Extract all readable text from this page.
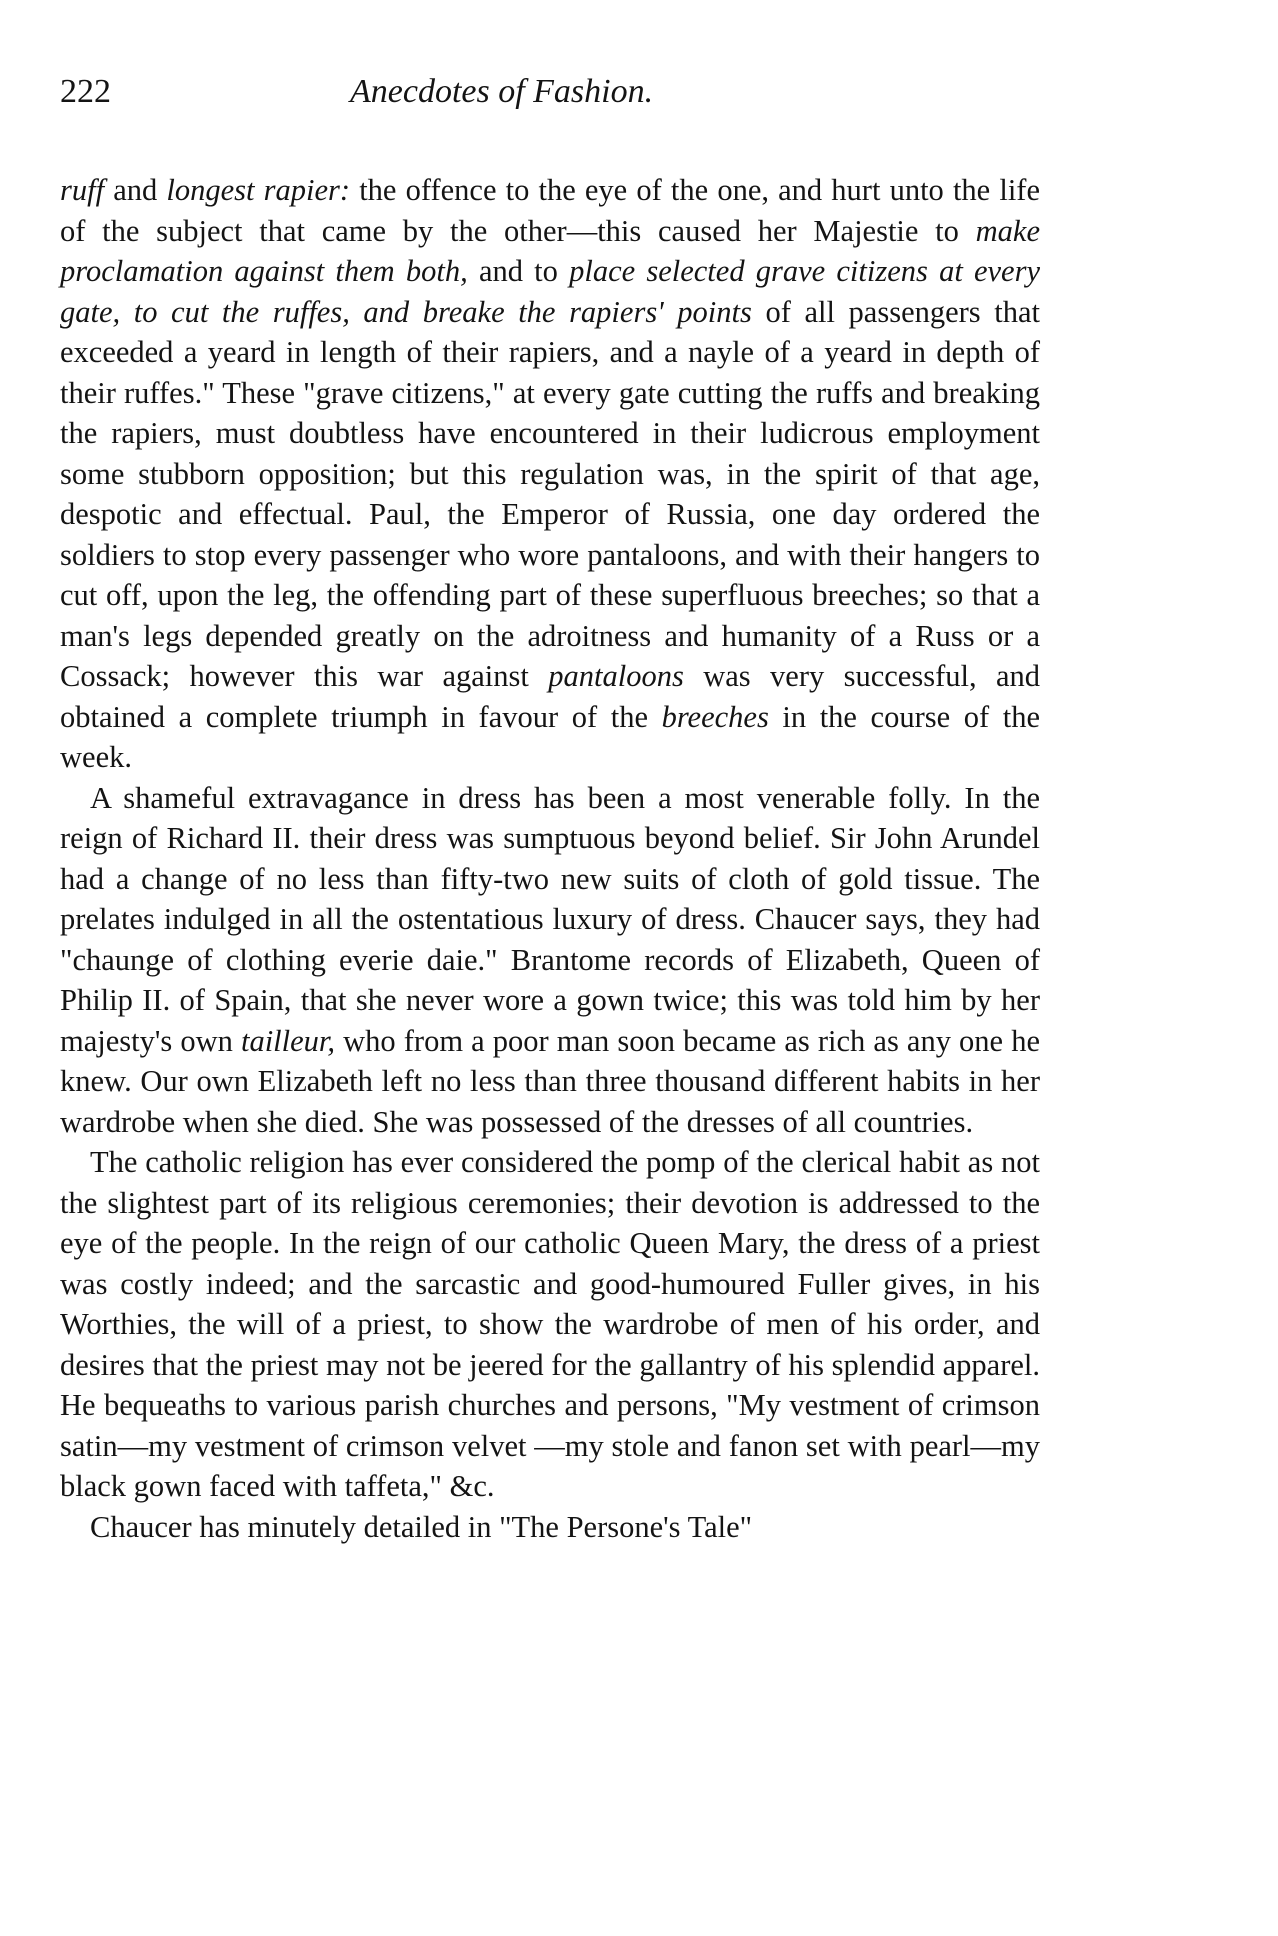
222	Anecdotes of Fashion.

ruff and longest rapier: the offence to the eye of the one, and hurt unto the life of the subject that came by the other—this caused her Majestie to make proclamation against them both, and to place selected grave citizens at every gate, to cut the ruffes, and breake the rapiers' points of all passengers that exceeded a yeard in length of their rapiers, and a nayle of a yeard in depth of their ruffes." These "grave citizens," at every gate cutting the ruffs and breaking the rapiers, must doubtless have encountered in their ludicrous employment some stubborn opposition; but this regulation was, in the spirit of that age, despotic and effectual. Paul, the Emperor of Russia, one day ordered the soldiers to stop every passenger who wore pantaloons, and with their hangers to cut off, upon the leg, the offending part of these superfluous breeches; so that a man's legs depended greatly on the adroitness and humanity of a Russ or a Cossack; however this war against pantaloons was very successful, and obtained a complete triumph in favour of the breeches in the course of the week.

A shameful extravagance in dress has been a most venerable folly. In the reign of Richard II. their dress was sumptuous beyond belief. Sir John Arundel had a change of no less than fifty-two new suits of cloth of gold tissue. The prelates indulged in all the ostentatious luxury of dress. Chaucer says, they had "chaunge of clothing everie daie." Brantome records of Elizabeth, Queen of Philip II. of Spain, that she never wore a gown twice; this was told him by her majesty's own tailleur, who from a poor man soon became as rich as any one he knew. Our own Elizabeth left no less than three thousand different habits in her wardrobe when she died. She was possessed of the dresses of all countries.

The catholic religion has ever considered the pomp of the clerical habit as not the slightest part of its religious ceremonies; their devotion is addressed to the eye of the people. In the reign of our catholic Queen Mary, the dress of a priest was costly indeed; and the sarcastic and good-humoured Fuller gives, in his Worthies, the will of a priest, to show the wardrobe of men of his order, and desires that the priest may not be jeered for the gallantry of his splendid apparel. He bequeaths to various parish churches and persons, "My vestment of crimson satin—my vestment of crimson velvet —my stole and fanon set with pearl—my black gown faced with taffeta," &c.

Chaucer has minutely detailed in "The Persone's Tale"
